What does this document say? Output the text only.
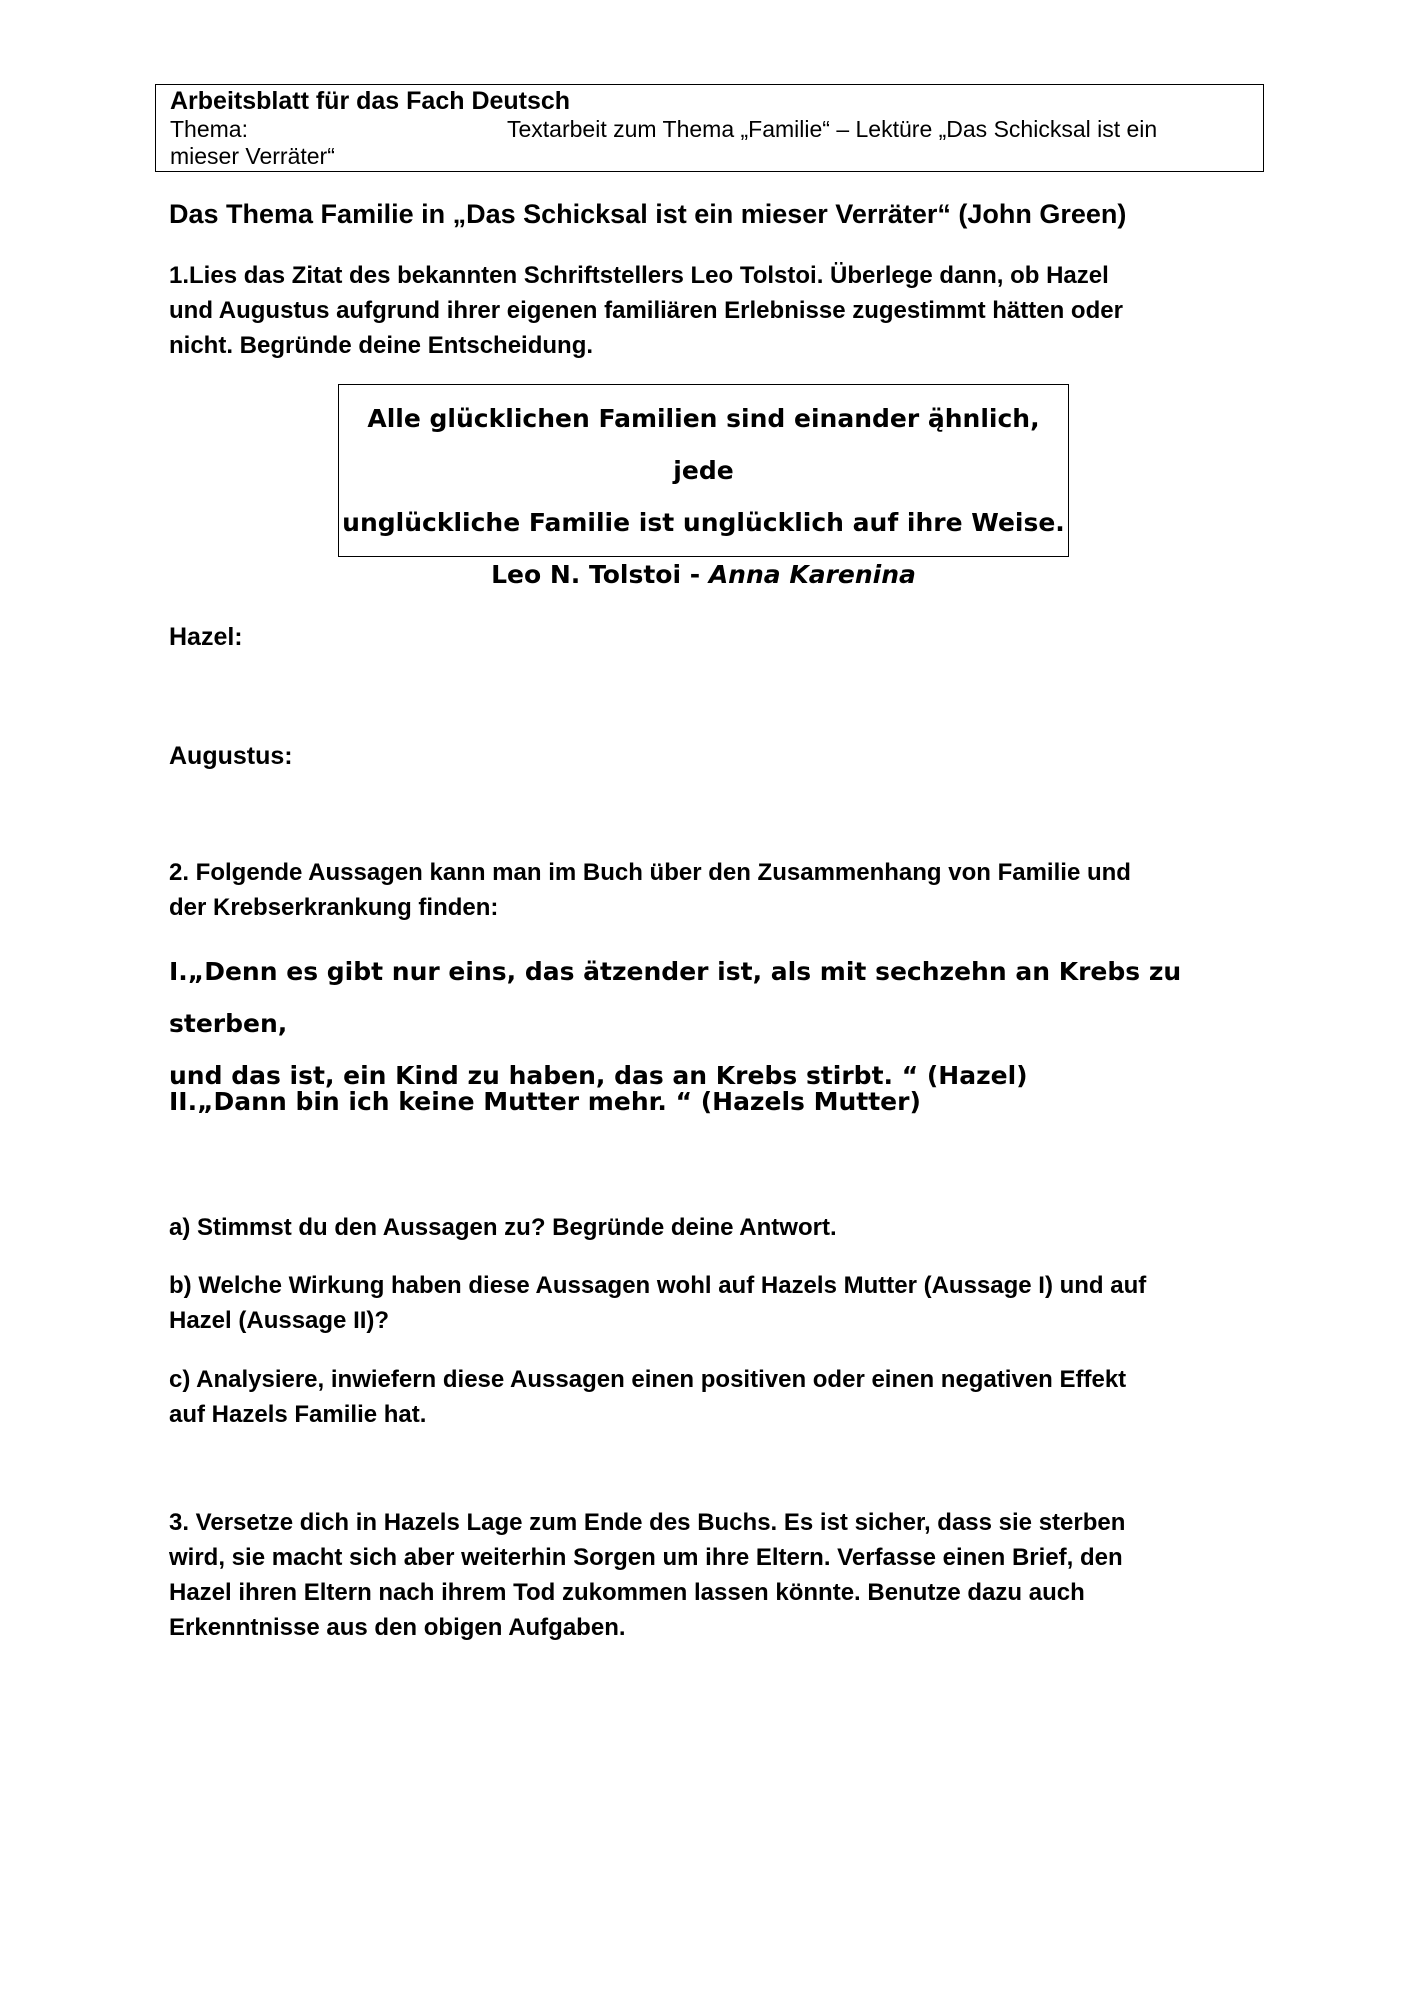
Arbeitsblatt für das Fach Deutsch
Thema:	Textarbeit zum Thema „Familie“ – Lektüre „Das Schicksal ist ein
mieser Verräter“
Das Thema Familie in „Das Schicksal ist ein mieser Verräter“ (John Green)
1.Lies das Zitat des bekannten Schriftstellers Leo Tolstoi. Überlege dann, ob Hazel
und Augustus aufgrund ihrer eigenen familiären Erlebnisse zugestimmt hätten oder
nicht. Begründe deine Entscheidung.
Alle glücklichen Familien sind einander ą̈hnlich, jede
unglückliche Familie ist unglücklich auf ihre Weise.
Leo N. Tolstoi - Anna Karenina
Hazel:
Augustus:
2. Folgende Aussagen kann man im Buch über den Zusammenhang von Familie und
der Krebserkrankung finden:
I.„Denn es gibt nur eins, das ätzender ist, als mit sechzehn an Krebs zu sterben,
und das ist, ein Kind zu haben, das an Krebs stirbt. “ (Hazel)
II.„Dann bin ich keine Mutter mehr. “ (Hazels Mutter)
a) Stimmst du den Aussagen zu? Begründe deine Antwort.
b) Welche Wirkung haben diese Aussagen wohl auf Hazels Mutter (Aussage I) und auf
Hazel (Aussage II)?
c) Analysiere, inwiefern diese Aussagen einen positiven oder einen negativen Effekt
auf Hazels Familie hat.
3. Versetze dich in Hazels Lage zum Ende des Buchs. Es ist sicher, dass sie sterben
wird, sie macht sich aber weiterhin Sorgen um ihre Eltern. Verfasse einen Brief, den
Hazel ihren Eltern nach ihrem Tod zukommen lassen könnte. Benutze dazu auch
Erkenntnisse aus den obigen Aufgaben.
